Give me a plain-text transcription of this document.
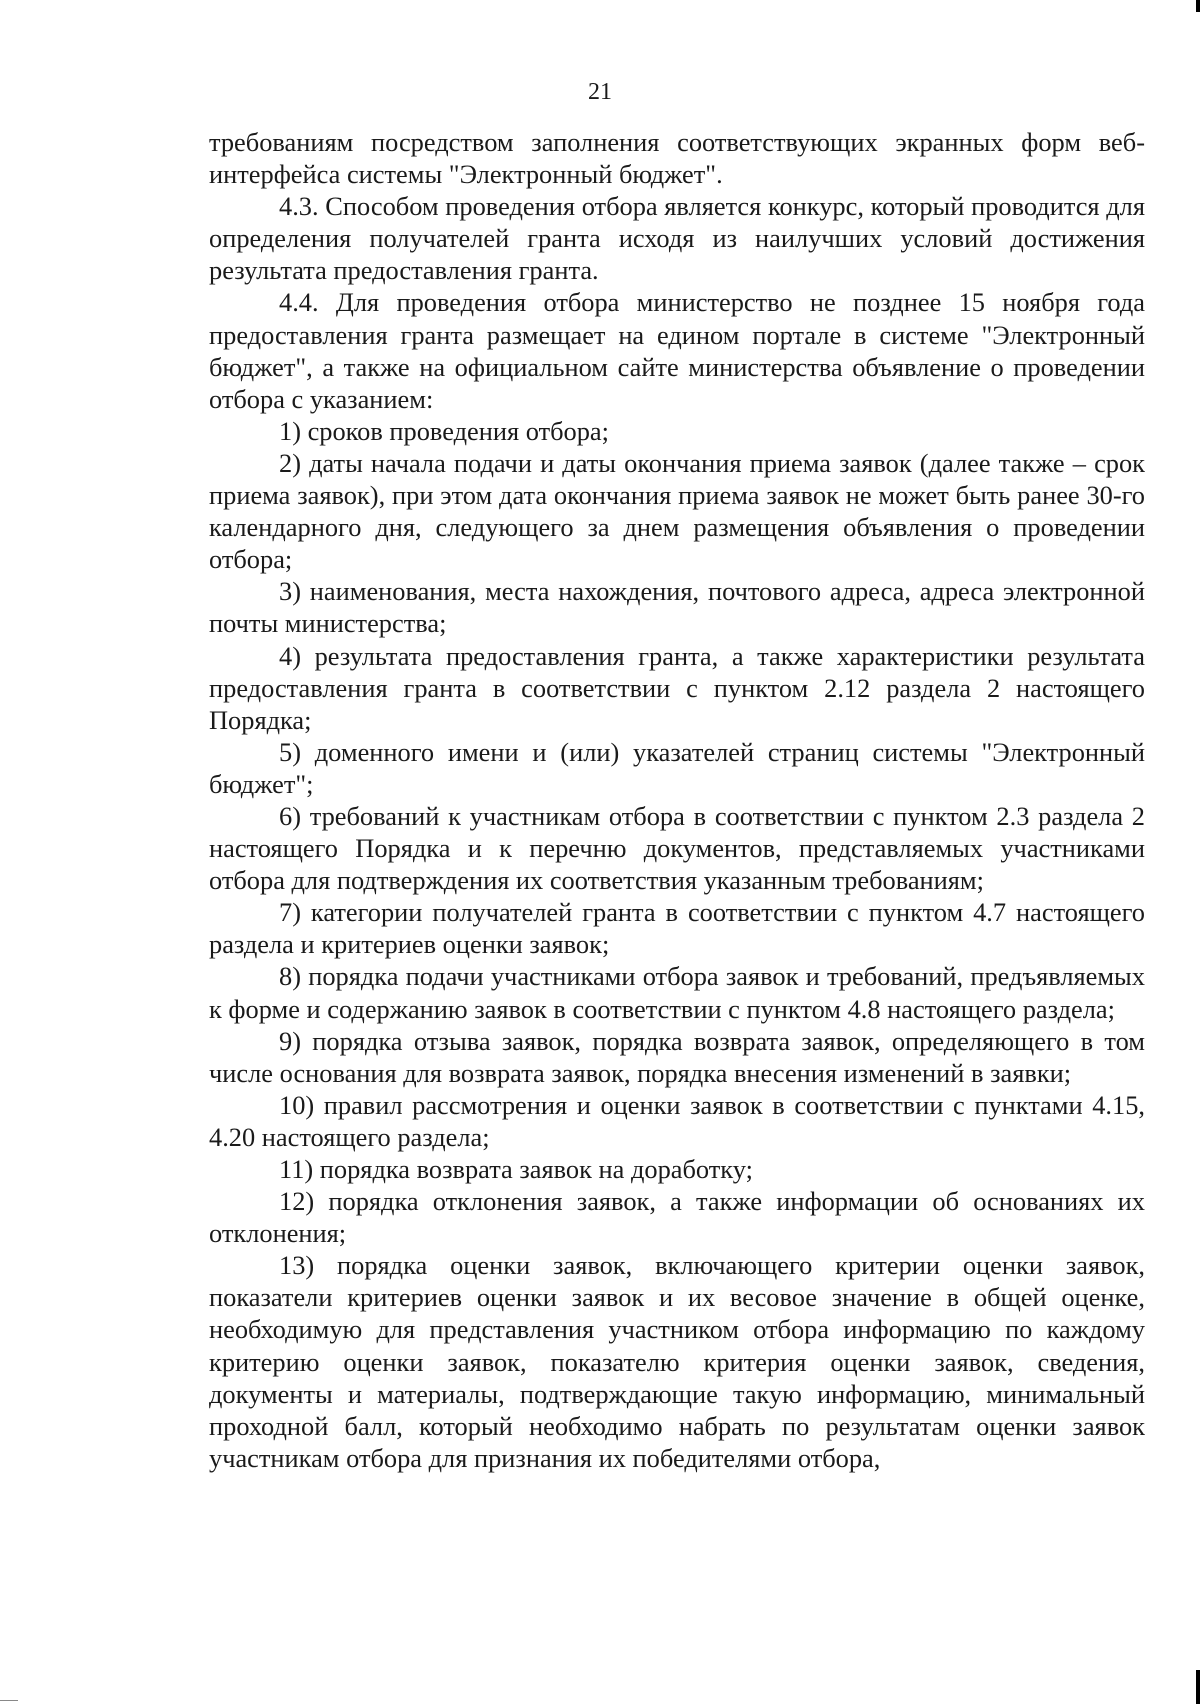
21

требованиям посредством заполнения соответствующих экранных форм веб-интерфейса системы "Электронный бюджет".

4.3. Способом проведения отбора является конкурс, который проводится для определения получателей гранта исходя из наилучших условий достижения результата предоставления гранта.

4.4. Для проведения отбора министерство не позднее 15 ноября года предоставления гранта размещает на едином портале в системе "Электронный бюджет", а также на официальном сайте министерства объявление о проведении отбора с указанием:

1) сроков проведения отбора;

2) даты начала подачи и даты окончания приема заявок (далее также – срок приема заявок), при этом дата окончания приема заявок не может быть ранее 30-го календарного дня, следующего за днем размещения объявления о проведении отбора;

3) наименования, места нахождения, почтового адреса, адреса электронной почты министерства;

4) результата предоставления гранта, а также характеристики результата предоставления гранта в соответствии с пунктом 2.12 раздела 2 настоящего Порядка;

5) доменного имени и (или) указателей страниц системы "Электронный бюджет";

6) требований к участникам отбора в соответствии с пунктом 2.3 раздела 2 настоящего Порядка и к перечню документов, представляемых участниками отбора для подтверждения их соответствия указанным требованиям;

7) категории получателей гранта в соответствии с пунктом 4.7 настоящего раздела и критериев оценки заявок;

8) порядка подачи участниками отбора заявок и требований, предъявляемых к форме и содержанию заявок в соответствии с пунктом 4.8 настоящего раздела;

9) порядка отзыва заявок, порядка возврата заявок, определяющего в том числе основания для возврата заявок, порядка внесения изменений в заявки;

10) правил рассмотрения и оценки заявок в соответствии с пунктами 4.15, 4.20 настоящего раздела;

11) порядка возврата заявок на доработку;

12) порядка отклонения заявок, а также информации об основаниях их отклонения;

13) порядка оценки заявок, включающего критерии оценки заявок, показатели критериев оценки заявок и их весовое значение в общей оценке, необходимую для представления участником отбора информацию по каждому критерию оценки заявок, показателю критерия оценки заявок, сведения, документы и материалы, подтверждающие такую информацию, минимальный проходной балл, который необходимо набрать по результатам оценки заявок участникам отбора для признания их победителями отбора,
